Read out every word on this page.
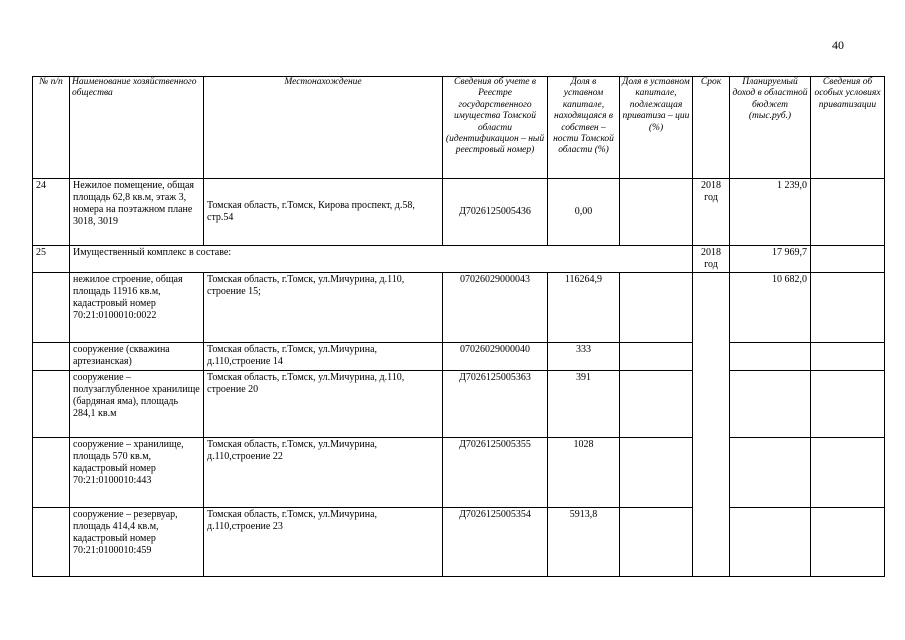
40
№ п/п	Наименование хозяйственного общества	Местонахождение	Сведения об учете в Реестре государственного имущества Томской области (идентификацион – ный реестровый номер)	Доля в уставном капитале, находящаяся в собствен – ности Томской области (%)	Доля в уставном капитале, подлежащая приватиза – ции (%)	Срок	Планируемый доход в областной бюджет (тыс.руб.)	Сведения об особых условиях приватизации
24	Нежилое помещение, общая площадь 62,8 кв.м, этаж 3, номера на поэтажном плане 3018, 3019	Томская область, г.Томск, Кирова проспект, д.58, стр.54	Д7026125005436	0,00		2018 год	1 239,0	
25	Имущественный комплекс в составе:					2018 год	17 969,7	
	нежилое строение, общая площадь 11916 кв.м, кадастровый номер 70:21:0100010:0022	Томская область, г.Томск, ул.Мичурина, д.110, строение 15;	07026029000043	116264,9			10 682,0	
	сооружение (скважина артезианская)	Томская область, г.Томск, ул.Мичурина, д.110,строение 14	07026029000040	333				
	сооружение – полузаглубленное хранилище (бардяная яма), площадь 284,1 кв.м	Томская область, г.Томск, ул.Мичурина, д.110, строение 20	Д7026125005363	391				
	сооружение – хранилище, площадь 570 кв.м, кадастровый номер 70:21:0100010:443	Томская область, г.Томск, ул.Мичурина, д.110,строение 22	Д7026125005355	1028				
	сооружение – резервуар, площадь 414,4 кв.м, кадастровый номер 70:21:0100010:459	Томская область, г.Томск, ул.Мичурина, д.110,строение 23	Д7026125005354	5913,8				
